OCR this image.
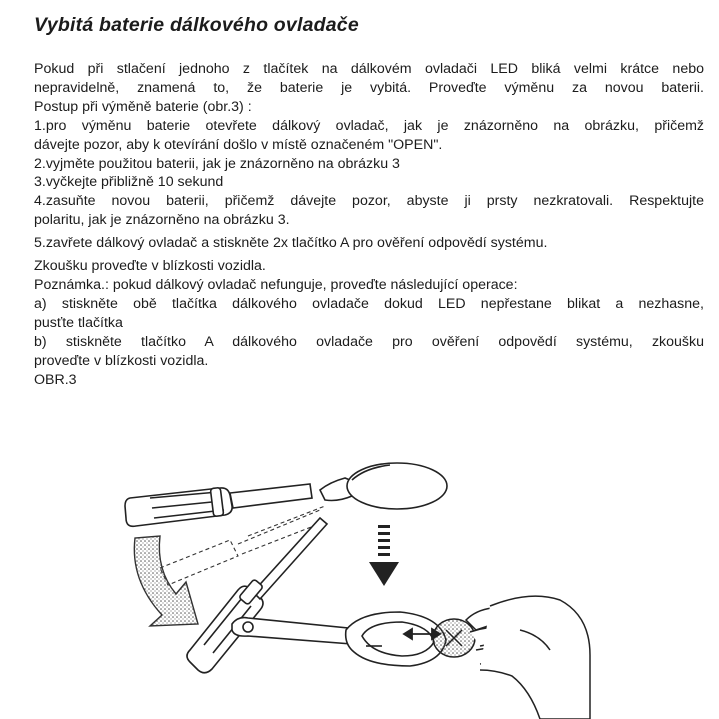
Vybitá baterie dálkového ovladače

Pokud při stlačení jednoho z tlačítek na dálkovém ovladači LED bliká velmi krátce nebo

nepravidelně, znamená to, že baterie je vybitá. Proveďte výměnu za novou baterii.

Postup při výměně baterie (obr.3) :

1.pro výměnu baterie otevřete dálkový ovladač, jak je znázorněno na obrázku, přičemž

dávejte pozor, aby k otevírání došlo v místě označeném "OPEN".

2.vyjměte použitou baterii, jak je znázorněno na obrázku 3

3.vyčkejte přibližně 10 sekund

4.zasuňte novou baterii, přičemž dávejte pozor, abyste ji prsty nezkratovali. Respektujte

polaritu, jak je znázorněno na obrázku 3.

5.zavřete dálkový ovladač a stiskněte 2x tlačítko A pro ověření odpovědí systému.

Zkoušku proveďte v blízkosti vozidla.

Poznámka.: pokud dálkový ovladač nefunguje, proveďte následující operace:

a) stiskněte obě tlačítka dálkového ovladače dokud LED nepřestane blikat a nezhasne,

pusťte tlačítka

b) stiskněte tlačítko A dálkového ovladače pro ověření odpovědí systému, zkoušku

proveďte v blízkosti vozidla.

OBR.3
